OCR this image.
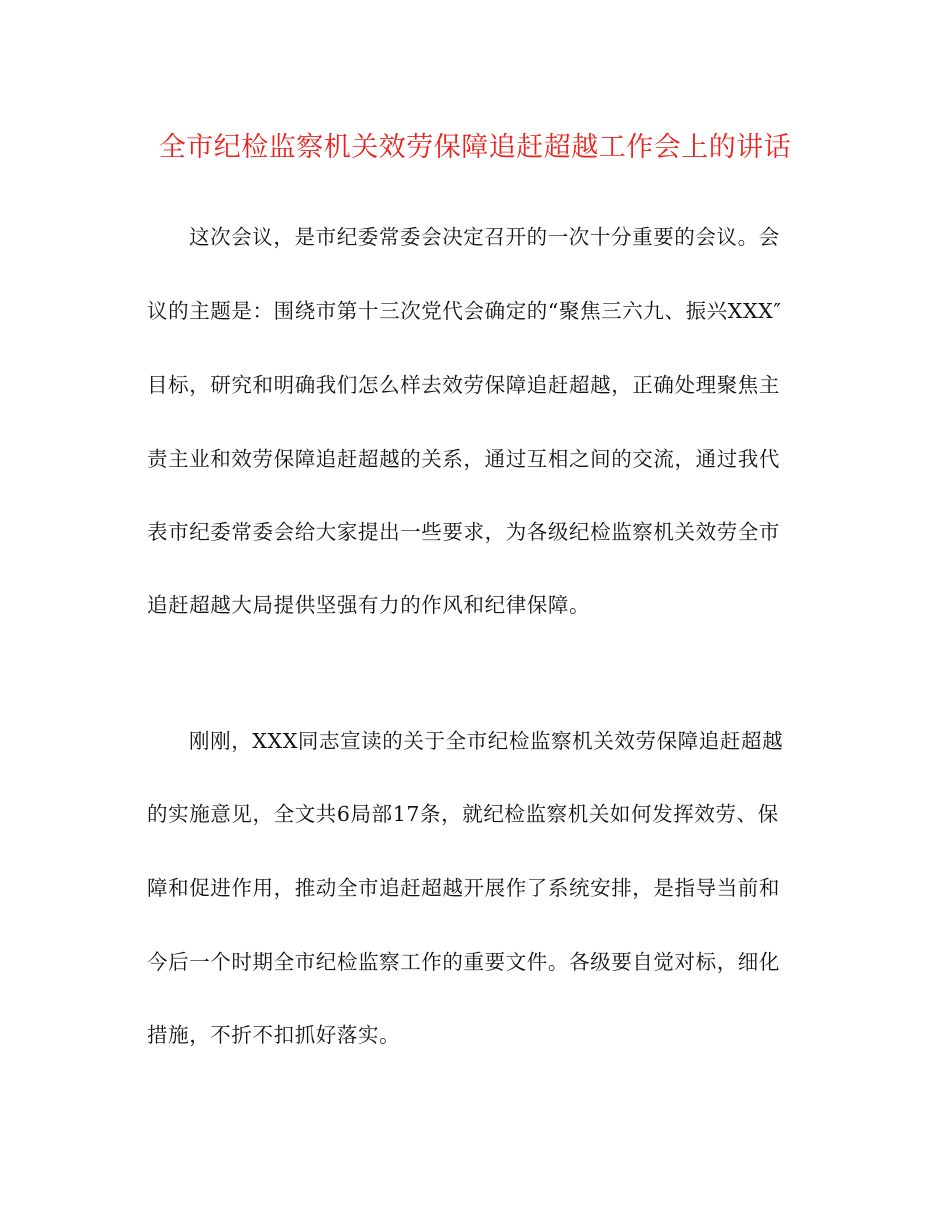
全市纪检监察机关效劳保障追赶超越工作会上的讲话
这次会议，是市纪委常委会决定召开的一次十分重要的会议。会
议的主题是：围绕市第十三次党代会确定的“聚焦三六九、振兴XXX″
目标，研究和明确我们怎么样去效劳保障追赶超越，正确处理聚焦主
责主业和效劳保障追赶超越的关系，通过互相之间的交流，通过我代
表市纪委常委会给大家提出一些要求，为各级纪检监察机关效劳全市
追赶超越大局提供坚强有力的作风和纪律保障。
刚刚，XXX同志宣读的关于全市纪检监察机关效劳保障追赶超越
的实施意见，全文共6局部17条，就纪检监察机关如何发挥效劳、保
障和促进作用，推动全市追赶超越开展作了系统安排，是指导当前和
今后一个时期全市纪检监察工作的重要文件。各级要自觉对标，细化
措施，不折不扣抓好落实。
